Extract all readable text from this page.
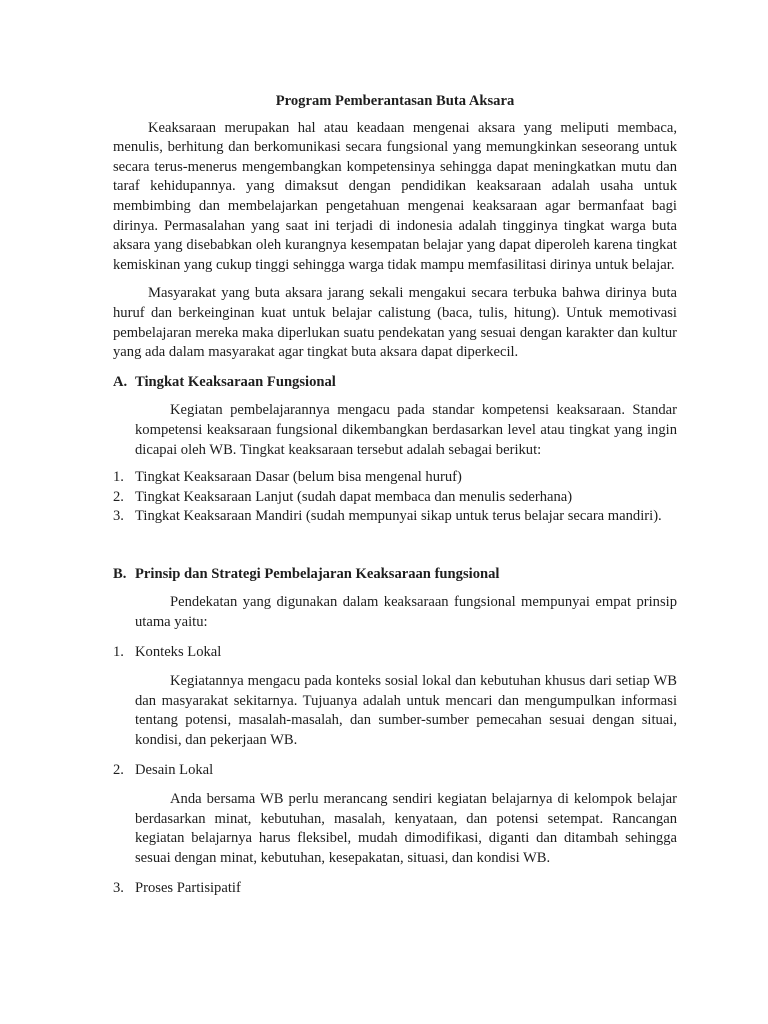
Program Pemberantasan Buta Aksara

Keaksaraan merupakan hal atau keadaan mengenai aksara yang meliputi membaca, menulis, berhitung dan berkomunikasi secara fungsional yang memungkinkan seseorang untuk secara terus-menerus mengembangkan kompetensinya sehingga dapat meningkatkan mutu dan taraf kehidupannya. yang dimaksut dengan pendidikan keaksaraan adalah usaha untuk membimbing dan membelajarkan pengetahuan mengenai keaksaraan agar bermanfaat bagi dirinya. Permasalahan yang saat ini terjadi di indonesia adalah tingginya tingkat warga buta aksara yang disebabkan oleh kurangnya kesempatan belajar yang dapat diperoleh karena tingkat kemiskinan yang cukup tinggi sehingga warga tidak mampu memfasilitasi dirinya untuk belajar.

Masyarakat yang buta aksara jarang sekali mengakui secara terbuka bahwa dirinya buta huruf dan berkeinginan kuat untuk belajar calistung (baca, tulis, hitung). Untuk memotivasi pembelajaran mereka maka diperlukan suatu pendekatan yang sesuai dengan karakter dan kultur yang ada dalam masyarakat agar tingkat buta aksara dapat diperkecil.

A. Tingkat Keaksaraan Fungsional

Kegiatan pembelajarannya mengacu pada standar kompetensi keaksaraan. Standar kompetensi keaksaraan fungsional dikembangkan berdasarkan level atau tingkat yang ingin dicapai oleh WB. Tingkat keaksaraan tersebut adalah sebagai berikut:

1. Tingkat Keaksaraan Dasar (belum bisa mengenal huruf)
2. Tingkat Keaksaraan Lanjut (sudah dapat membaca dan menulis sederhana)
3. Tingkat Keaksaraan Mandiri (sudah mempunyai sikap untuk terus belajar secara mandiri).
B. Prinsip dan Strategi Pembelajaran Keaksaraan fungsional

Pendekatan yang digunakan dalam keaksaraan fungsional mempunyai empat prinsip utama yaitu:

1. Konteks Lokal

Kegiatannya mengacu pada konteks sosial lokal dan kebutuhan khusus dari setiap WB dan masyarakat sekitarnya. Tujuanya adalah untuk mencari dan mengumpulkan informasi tentang potensi, masalah-masalah, dan sumber-sumber pemecahan sesuai dengan situai, kondisi, dan pekerjaan WB.

2. Desain Lokal

Anda bersama WB perlu merancang sendiri kegiatan belajarnya di kelompok belajar berdasarkan minat, kebutuhan, masalah, kenyataan, dan potensi setempat. Rancangan kegiatan belajarnya harus fleksibel, mudah dimodifikasi, diganti dan ditambah sehingga sesuai dengan minat, kebutuhan, kesepakatan, situasi, dan kondisi WB.

3. Proses Partisipatif
